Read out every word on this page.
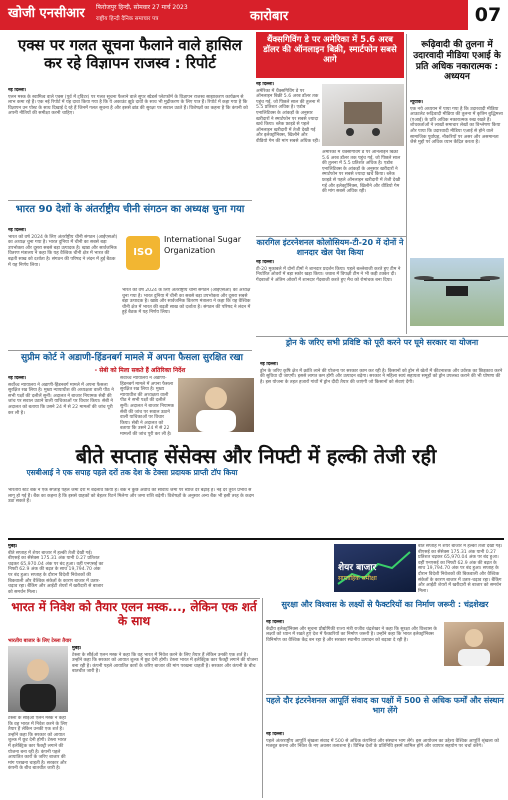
खोजी एनसीआर फिरोजपुर हिन्दी, सोमवार 27 मार्च 2023
राष्ट्रीय हिन्दी दैनिक समाचार पत्र	कारोबार	07
एक्स पर गलत सूचना फैलाने वाले हासिल कर रहे विज्ञापन राजस्व : रिपोर्ट
नई दिल्ली।
एलन मस्क के स्वामित्व वाले एक्स (पूर्व में ट्विटर) पर गलत सूचना फैलाने वाले सुपर स्प्रेडर्स प्लेटफॉर्म के विज्ञापन राजस्व साझाकरण कार्यक्रम से लाभ कमा रहे हैं। एक नई रिपोर्ट में यह दावा किया गया है कि ये अकाउंट झूठे दावों के साथ भी मुद्रीकरण के लिए पात्र हैं। रिपोर्ट में कहा गया है कि विज्ञापन उन पोस्ट के साथ दिखाई दे रहे हैं जिनमें गलत सूचना है और इससे ब्रांड की सुरक्षा पर सवाल उठते हैं। विशेषज्ञों का कहना है कि कंपनी को अपनी नीतियों की समीक्षा करनी चाहिए।
भारत 90 देशों के अंतर्राष्ट्रीय चीनी संगठन का अध्यक्ष चुना गया
नई दिल्ली।
भारत को वर्ष 2024 के लिए अंतर्राष्ट्रीय चीनी संगठन (आईएसओ) का अध्यक्ष चुना गया है। भारत दुनिया में चीनी का सबसे बड़ा उपभोक्ता और दूसरा सबसे बड़ा उत्पादक है। खाद्य और सार्वजनिक वितरण मंत्रालय ने कहा कि यह वैश्विक चीनी क्षेत्र में भारत की बढ़ती साख को दर्शाता है। संगठन की परिषद ने लंदन में हुई बैठक में यह निर्णय लिया।
ISO
International Sugar Organization
भारत को वर्ष 2024 के लिए अंतर्राष्ट्रीय चीनी संगठन (आईएसओ) का अध्यक्ष चुना गया है। भारत दुनिया में चीनी का सबसे बड़ा उपभोक्ता और दूसरा सबसे बड़ा उत्पादक है। खाद्य और सार्वजनिक वितरण मंत्रालय ने कहा कि यह वैश्विक चीनी क्षेत्र में भारत की बढ़ती साख को दर्शाता है। संगठन की परिषद ने लंदन में हुई बैठक में यह निर्णय लिया।
सुप्रीम कोर्ट ने अडाणी-हिंडनबर्ग मामले में अपना फैसला सुरक्षित रखा
- सेबी को मिला सकते हैं अतिरिक्त निर्देश
नई दिल्ली।
सर्वोच्च न्यायालय ने अडाणी-हिंडनबर्ग मामले में अपना फैसला सुरक्षित रख लिया है। मुख्य न्यायाधीश की अध्यक्षता वाली पीठ ने सभी पक्षों की दलीलें सुनीं। अदालत ने बाजार नियामक सेबी की जांच पर सवाल उठाने वाली याचिकाओं पर विचार किया। सेबी ने अदालत को बताया कि उसने 24 में से 22 मामलों की जांच पूरी कर ली है।
सर्वोच्च न्यायालय ने अडाणी-हिंडनबर्ग मामले में अपना फैसला सुरक्षित रख लिया है। मुख्य न्यायाधीश की अध्यक्षता वाली पीठ ने सभी पक्षों की दलीलें सुनीं। अदालत ने बाजार नियामक सेबी की जांच पर सवाल उठाने वाली याचिकाओं पर विचार किया। सेबी ने अदालत को बताया कि उसने 24 में से 22 मामलों की जांच पूरी कर ली है।
एसबीआई ने एक सपाह पहले दरों तक देश के टेक्सा प्रदायक प्राप्ती टॉप किया
भारतीय स्टेट बैंक ने एक सप्ताह पहले जमा दरों में बदलाव किया है। बैंक ने कुछ अवधि की सावधि जमा पर ब्याज दरें बढ़ाई हैं। नई दरें तुरंत प्रभाव से लागू हो गई हैं। बैंक का कहना है कि इससे ग्राहकों को बेहतर रिटर्न मिलेगा और जमा राशि बढ़ेगी। विशेषज्ञों के अनुसार अन्य बैंक भी इसी तरह के कदम उठा सकते हैं।
थैंक्सगिविंग डे पर अमेरिका में 5.6 अरब डॉलर की ऑनलाइन बिक्री, स्मार्टफोन सबसे आगे
नई दिल्ली।
अमेरिका में थैंक्सगिविंग डे पर ऑनलाइन बिक्री 5.6 अरब डॉलर तक पहुंच गई, जो पिछले साल की तुलना में 5.5 प्रतिशत अधिक है। एडोब एनालिटिक्स के आंकड़ों के अनुसार खरीदारों ने स्मार्टफोन पर सबसे ज्यादा खर्च किया। ब्लैक फ्राइडे से पहले ऑनलाइन खरीदारी में तेजी देखी गई और इलेक्ट्रॉनिक्स, खिलौने और वीडियो गेम की मांग सबसे अधिक रही।
अमेरिका में थैंक्सगिविंग डे पर ऑनलाइन बिक्री 5.6 अरब डॉलर तक पहुंच गई, जो पिछले साल की तुलना में 5.5 प्रतिशत अधिक है। एडोब एनालिटिक्स के आंकड़ों के अनुसार खरीदारों ने स्मार्टफोन पर सबसे ज्यादा खर्च किया। ब्लैक फ्राइडे से पहले ऑनलाइन खरीदारी में तेजी देखी गई और इलेक्ट्रॉनिक्स, खिलौने और वीडियो गेम की मांग सबसे अधिक रही।
रूढ़िवादी की तुलना में उदारवादी मीडिया एआई के प्रति अधिक नकारात्मक : अध्ययन
न्यूयॉर्क।
एक नये अध्ययन में पाया गया है कि उदारवादी मीडिया आउटलेट रूढ़िवादी मीडिया की तुलना में कृत्रिम बुद्धिमत्ता (एआई) के प्रति अधिक नकारात्मक रुख रखते हैं। शोधकर्ताओं ने लाखों समाचार लेखों का विश्लेषण किया और पाया कि उदारवादी मीडिया एआई से होने वाले सामाजिक पूर्वाग्रह, नौकरियों पर असर और असमानता जैसे मुद्दों पर अधिक ध्यान केंद्रित करता है।
कारगिल इंटरनेशनल कोलोसियम-टी-20 में दोनों ने शानदार खेल पेश किया
नई दिल्ली।
टी-20 मुकाबले में दोनों टीमों ने शानदार प्रदर्शन किया। पहले बल्लेबाजी करते हुए टीम ने निर्धारित ओवरों में बड़ा स्कोर खड़ा किया। जवाब में विपक्षी टीम ने भी कड़ी टक्कर दी। गेंदबाजों ने अंतिम ओवरों में शानदार गेंदबाजी करते हुए मैच को रोमांचक बना दिया।
ड्रोन के जरिए सभी प्रविष्टि को पूरी करने पर घूमे सरकार या योजना
नई दिल्ली।
ड्रोन के जरिए कृषि क्षेत्र में क्रांति लाने की योजना पर सरकार काम कर रही है। किसानों को ड्रोन से खेतों में कीटनाशक और उर्वरक का छिड़काव करने की सुविधा दी जाएगी। इससे लागत कम होगी और उत्पादन बढ़ेगा। सरकार ने महिला स्वयं सहायता समूहों को ड्रोन उपलब्ध कराने की भी घोषणा की है। इस योजना के तहत हजारों गांवों में ड्रोन दीदी तैयार की जाएंगी जो किसानों को सेवाएं देंगी।
बीते सप्ताह सेंसेक्स और निफ्टी में हल्की तेजी रही
मुंबई।
बीते सप्ताह में शेयर बाजार में हल्की तेजी देखी गई। बीएसई का सेंसेक्स 175.31 अंक यानी 0.27 प्रतिशत चढ़कर 65,970.04 अंक पर बंद हुआ। वहीं एनएसई का निफ्टी 62.9 अंक की बढ़त के साथ 19,794.70 अंक पर बंद हुआ। सप्ताह के दौरान विदेशी निवेशकों की बिकवाली और वैश्विक संकेतों के कारण बाजार में उतार-चढ़ाव रहा। बैंकिंग और आईटी शेयरों में खरीदारी से बाजार को समर्थन मिला।
शेयर बाजार
साप्ताहिक समीक्षा
बीते सप्ताह में शेयर बाजार में हल्की तेजी देखी गई। बीएसई का सेंसेक्स 175.31 अंक यानी 0.27 प्रतिशत चढ़कर 65,970.04 अंक पर बंद हुआ। वहीं एनएसई का निफ्टी 62.9 अंक की बढ़त के साथ 19,794.70 अंक पर बंद हुआ। सप्ताह के दौरान विदेशी निवेशकों की बिकवाली और वैश्विक संकेतों के कारण बाजार में उतार-चढ़ाव रहा। बैंकिंग और आईटी शेयरों में खरीदारी से बाजार को समर्थन मिला।
भारत में निवेश को तैयार एलन मस्क..., लेकिन एक शर्त के साथ
भारतीय बाजार के लिए टेस्ला तैयार
मुंबई।
टेस्ला के सीईओ एलन मस्क ने कहा कि वह भारत में निवेश करने के लिए तैयार हैं लेकिन उनकी एक शर्त है। उन्होंने कहा कि सरकार को आयात शुल्क में छूट देनी होगी। टेस्ला भारत में इलेक्ट्रिक कार फैक्ट्री लगाने की योजना बना रही है। कंपनी पहले आयातित कारों के जरिए बाजार की मांग परखना चाहती है। सरकार और कंपनी के बीच बातचीत जारी है।
टेस्ला के सीईओ एलन मस्क ने कहा कि वह भारत में निवेश करने के लिए तैयार हैं लेकिन उनकी एक शर्त है। उन्होंने कहा कि सरकार को आयात शुल्क में छूट देनी होगी। टेस्ला भारत में इलेक्ट्रिक कार फैक्ट्री लगाने की योजना बना रही है। कंपनी पहले आयातित कारों के जरिए बाजार की मांग परखना चाहती है। सरकार और कंपनी के बीच बातचीत जारी है।
सुरक्षा और विश्वास के लक्ष्यों से फैक्टरियों का निर्माण जरूरी : चंद्रशेखर
नई दिल्ली।
केंद्रीय इलेक्ट्रॉनिक्स और सूचना प्रौद्योगिकी राज्य मंत्री राजीव चंद्रशेखर ने कहा कि सुरक्षा और विश्वास के लक्ष्यों को ध्यान में रखते हुए देश में फैक्टरियों का निर्माण जरूरी है। उन्होंने कहा कि भारत इलेक्ट्रॉनिक्स विनिर्माण का वैश्विक केंद्र बन रहा है और सरकार स्थानीय उत्पादन को बढ़ावा दे रही है।
पहले दौर इंटरनेशनल आपूर्ति संवाद का पक्षों में 500 से अधिक फर्मों और संस्थान भाग लेंगे
नई दिल्ली।
पहले अंतरराष्ट्रीय आपूर्ति श्रृंखला संवाद में 500 से अधिक कंपनियां और संस्थान भाग लेंगे। इस आयोजन का उद्देश्य वैश्विक आपूर्ति श्रृंखला को मजबूत करना और निवेश के नए अवसर तलाशना है। विभिन्न देशों के प्रतिनिधि इसमें शामिल होंगे और व्यापार सहयोग पर चर्चा करेंगे।
